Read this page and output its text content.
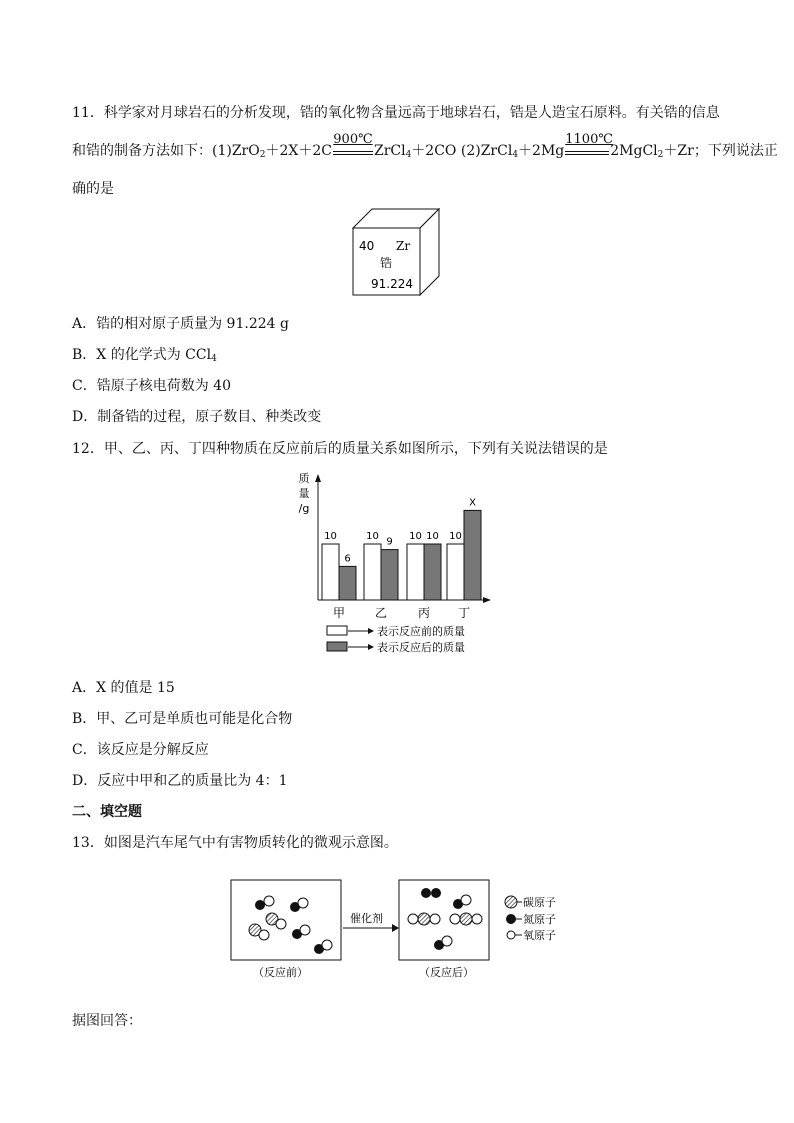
11．科学家对月球岩石的分析发现，锆的氧化物含量远高于地球岩石，锆是人造宝石原料。有关锆的信息
和锆的制备方法如下：(1)ZrO$_2$＋2X＋2C
900℃
ZrCl$_4$＋2CO (2)ZrCl$_4$＋2Mg
1100℃
2MgCl$_2$＋Zr；下列说法正
确的是
40 Zr
锆
91.224
A．锆的相对原子质量为 91.224 g
B．X 的化学式为 CCl$_4$
C．锆原子核电荷数为 40
D．制备锆的过程，原子数目、种类改变
12．甲、乙、丙、丁四种物质在反应前后的质量关系如图所示，下列有关说法错误的是
10
6
10
9
10 10 10
X
甲 乙	丙 丁
质
量
/g
表示反应前的质量
表示反应后的质量
A．X 的值是 15
B．甲、乙可是单质也可能是化合物
C．该反应是分解反应
D．反应中甲和乙的质量比为 4：1
二、填空题
13．如图是汽车尾气中有害物质转化的微观示意图。
催化剂
碳原子
氮原子
氧原子
（反应前）	（反应后）
据图回答：
